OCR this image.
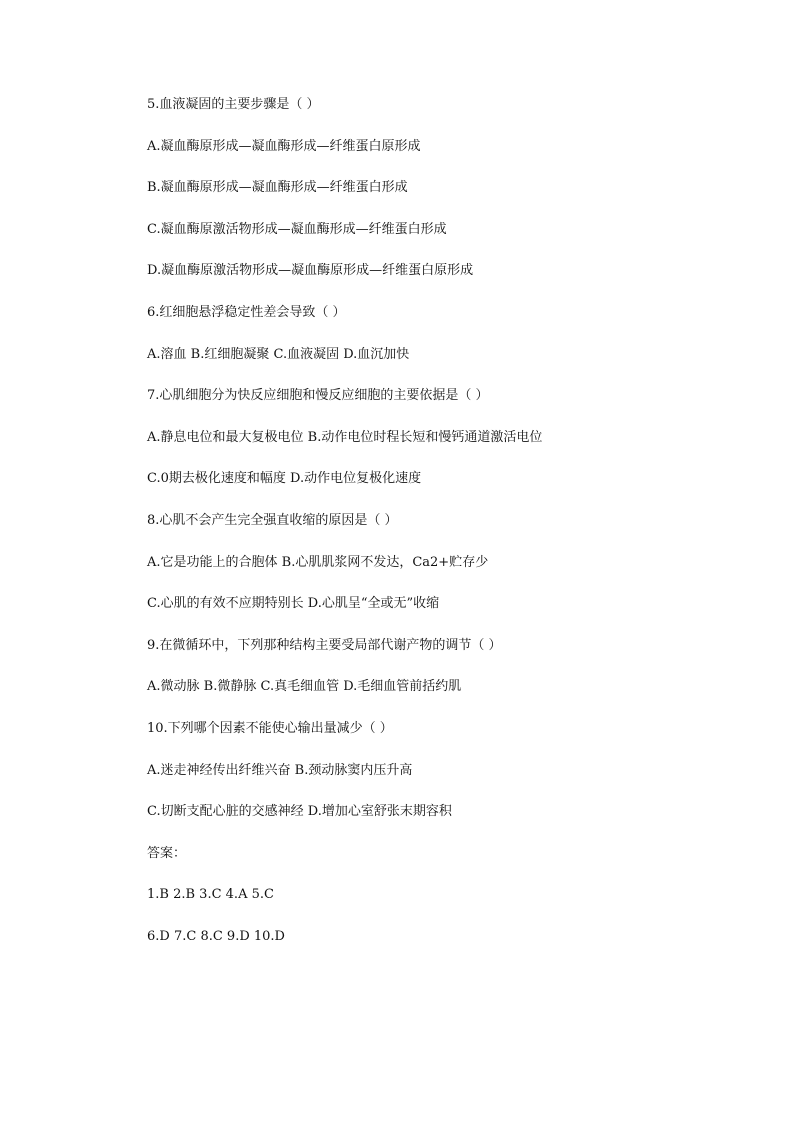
5.血液凝固的主要步骤是（ ）
A.凝血酶原形成—凝血酶形成—纤维蛋白原形成
B.凝血酶原形成—凝血酶形成—纤维蛋白形成
C.凝血酶原激活物形成—凝血酶形成—纤维蛋白形成
D.凝血酶原激活物形成—凝血酶原形成—纤维蛋白原形成
6.红细胞悬浮稳定性差会导致（ ）
A.溶血 B.红细胞凝聚 C.血液凝固 D.血沉加快
7.心肌细胞分为快反应细胞和慢反应细胞的主要依据是（ ）
A.静息电位和最大复极电位 B.动作电位时程长短和慢钙通道激活电位
C.0期去极化速度和幅度 D.动作电位复极化速度
8.心肌不会产生完全强直收缩的原因是（ ）
A.它是功能上的合胞体 B.心肌肌浆网不发达，Ca2+贮存少
C.心肌的有效不应期特别长 D.心肌呈“全或无”收缩
9.在微循环中，下列那种结构主要受局部代谢产物的调节（ ）
A.微动脉 B.微静脉 C.真毛细血管 D.毛细血管前括约肌
10.下列哪个因素不能使心输出量减少（ ）
A.迷走神经传出纤维兴奋 B.颈动脉窦内压升高
C.切断支配心脏的交感神经 D.增加心室舒张末期容积
答案：
1.B 2.B 3.C 4.A 5.C
6.D 7.C 8.C 9.D 10.D
